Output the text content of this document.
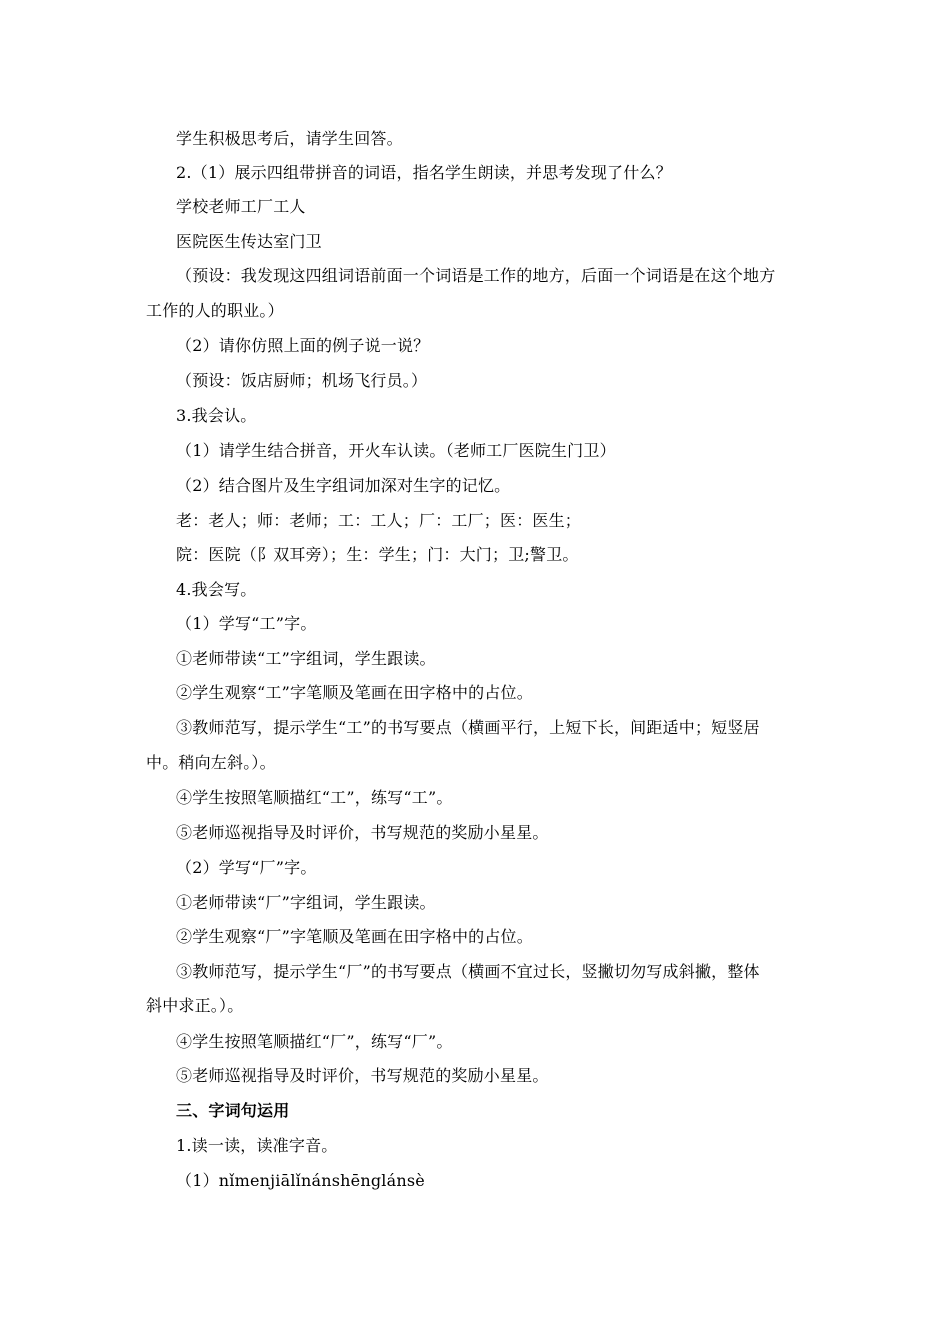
学生积极思考后，请学生回答。
2.（1）展示四组带拼音的词语，指名学生朗读，并思考发现了什么？
学校老师工厂工人
医院医生传达室门卫
（预设：我发现这四组词语前面一个词语是工作的地方，后面一个词语是在这个地方
工作的人的职业。）
（2）请你仿照上面的例子说一说？
（预设：饭店厨师；机场飞行员。）
3.我会认。
（1）请学生结合拼音，开火车认读。（老师工厂医院生门卫）
（2）结合图片及生字组词加深对生字的记忆。
老：老人；师：老师；工：工人；厂：工厂；医：医生；
院：医院（阝双耳旁）；生：学生；门：大门；卫;警卫。
4.我会写。
（1）学写“工”字。
①老师带读“工”字组词，学生跟读。
②学生观察“工”字笔顺及笔画在田字格中的占位。
③教师范写，提示学生“工”的书写要点（横画平行，上短下长，间距适中；短竖居
中。稍向左斜。）。
④学生按照笔顺描红“工”，练写“工”。
⑤老师巡视指导及时评价，书写规范的奖励小星星。
（2）学写“厂”字。
①老师带读“厂”字组词，学生跟读。
②学生观察“厂”字笔顺及笔画在田字格中的占位。
③教师范写，提示学生“厂”的书写要点（横画不宜过长，竖撇切勿写成斜撇，整体
斜中求正。）。
④学生按照笔顺描红“厂”，练写“厂”。
⑤老师巡视指导及时评价，书写规范的奖励小星星。
三、字词句运用
1.读一读，读准字音。
（1）nǐmenjiālǐnánshēnglánsè
